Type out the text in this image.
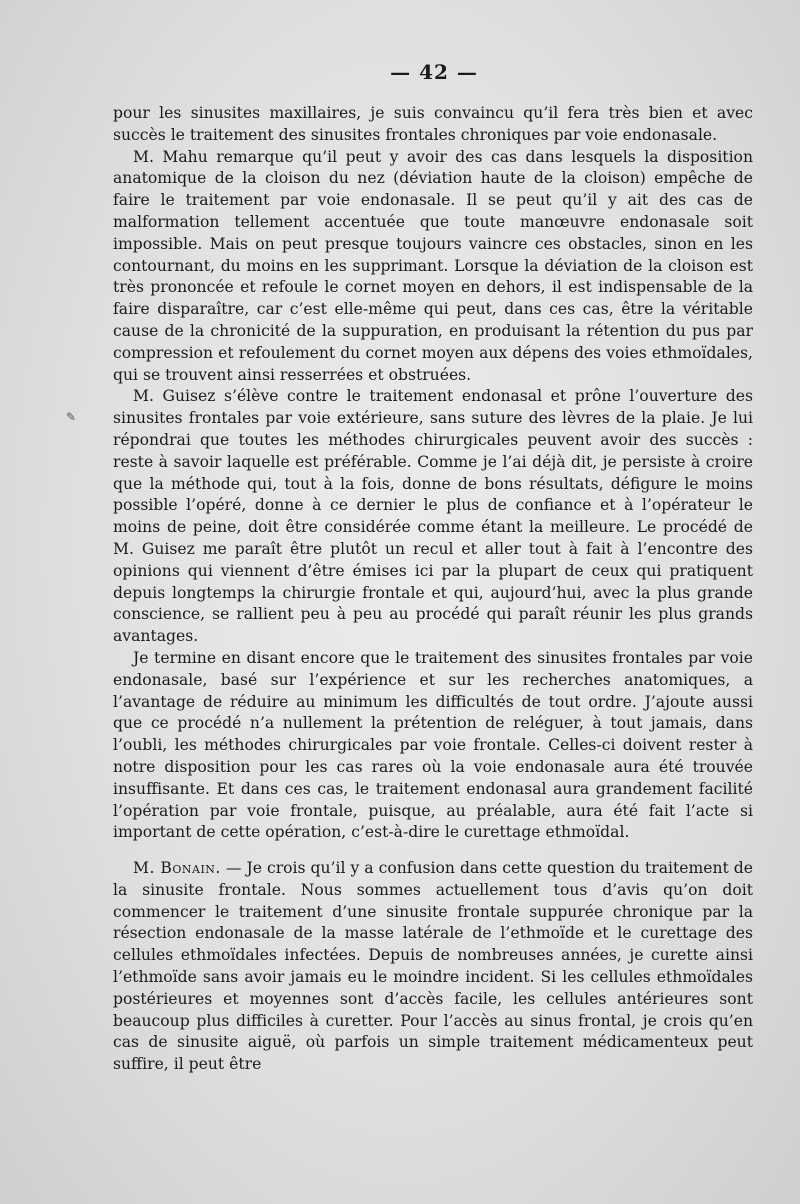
— 42 —
✎

pour les sinusites maxillaires, je suis convaincu qu’il fera très bien et avec succès le traitement des sinusites frontales chroniques par voie endonasale.

M. Mahu remarque qu’il peut y avoir des cas dans lesquels la disposition anatomique de la cloison du nez (déviation haute de la cloison) empêche de faire le traitement par voie endonasale. Il se peut qu’il y ait des cas de malformation tellement accentuée que toute manœuvre endonasale soit impossible. Mais on peut presque toujours vaincre ces obstacles, sinon en les contournant, du moins en les supprimant. Lorsque la déviation de la cloison est très prononcée et refoule le cornet moyen en dehors, il est indispensable de la faire disparaître, car c’est elle-même qui peut, dans ces cas, être la véritable cause de la chronicité de la suppuration, en produisant la rétention du pus par compression et refoulement du cornet moyen aux dépens des voies ethmoïdales, qui se trouvent ainsi resserrées et obstruées.

M. Guisez s’élève contre le traitement endonasal et prône l’ouverture des sinusites frontales par voie extérieure, sans suture des lèvres de la plaie. Je lui répondrai que toutes les méthodes chirurgicales peuvent avoir des succès : reste à savoir laquelle est préférable. Comme je l’ai déjà dit, je persiste à croire que la méthode qui, tout à la fois, donne de bons résultats, défigure le moins possible l’opéré, donne à ce dernier le plus de confiance et à l’opérateur le moins de peine, doit être considérée comme étant la meilleure. Le procédé de M. Guisez me paraît être plutôt un recul et aller tout à fait à l’encontre des opinions qui viennent d’être émises ici par la plupart de ceux qui pratiquent depuis longtemps la chirurgie frontale et qui, aujourd’hui, avec la plus grande conscience, se rallient peu à peu au procédé qui paraît réunir les plus grands avantages.

Je termine en disant encore que le traitement des sinusites frontales par voie endonasale, basé sur l’expérience et sur les recherches anatomiques, a l’avantage de réduire au minimum les difficultés de tout ordre. J’ajoute aussi que ce procédé n’a nullement la prétention de reléguer, à tout jamais, dans l’oubli, les méthodes chirurgicales par voie frontale. Celles-ci doivent rester à notre disposition pour les cas rares où la voie endonasale aura été trouvée insuffisante. Et dans ces cas, le traitement endonasal aura grandement facilité l’opération par voie frontale, puisque, au préalable, aura été fait l’acte si important de cette opération, c’est-à-dire le curettage ethmoïdal.

M. Bonain. — Je crois qu’il y a confusion dans cette question du traitement de la sinusite frontale. Nous sommes actuellement tous d’avis qu’on doit commencer le traitement d’une sinusite frontale suppurée chronique par la résection endonasale de la masse latérale de l’ethmoïde et le curettage des cellules ethmoïdales infectées. Depuis de nombreuses années, je curette ainsi l’ethmoïde sans avoir jamais eu le moindre incident. Si les cellules ethmoïdales postérieures et moyennes sont d’accès facile, les cellules antérieures sont beaucoup plus difficiles à curetter. Pour l’accès au sinus frontal, je crois qu’en cas de sinusite aiguë, où parfois un simple traitement médicamenteux peut suffire, il peut être
